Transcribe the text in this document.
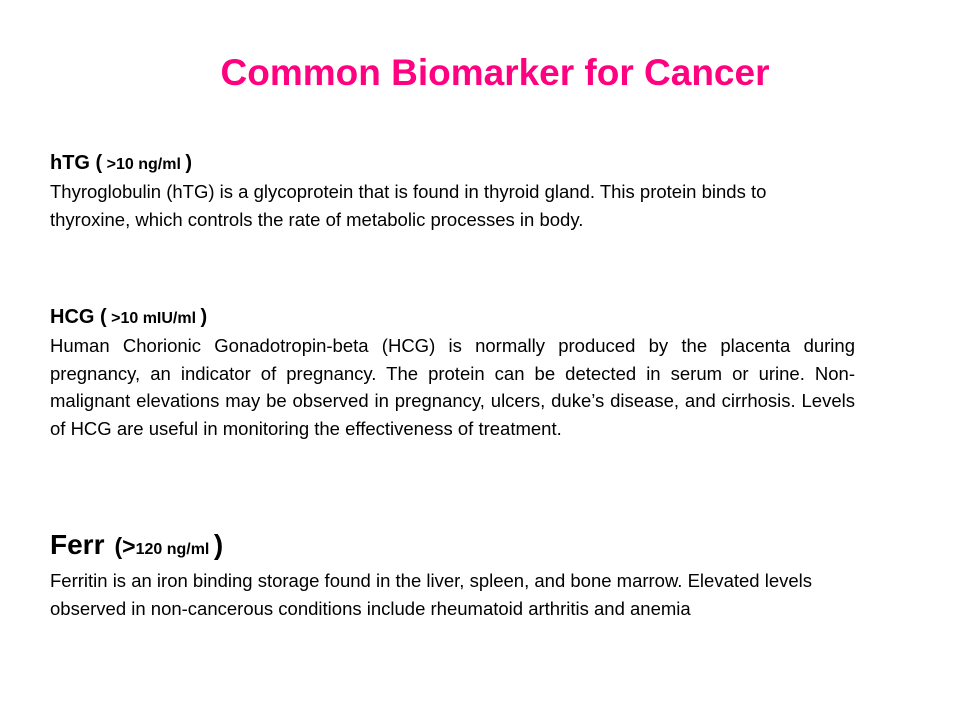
Common Biomarker for Cancer
hTG ( >10 ng/ml )

Thyroglobulin (hTG) is a glycoprotein that is found in thyroid gland. This protein binds to thyroxine, which controls the rate of metabolic processes in body.

HCG ( >10 mIU/ml )

Human Chorionic Gonadotropin-beta (HCG) is normally produced by the placenta during pregnancy, an indicator of pregnancy. The protein can be detected in serum or urine. Non-malignant elevations may be observed in pregnancy, ulcers, duke’s disease, and cirrhosis. Levels of HCG are useful in monitoring the effectiveness of treatment.

Ferr (>120 ng/ml )

Ferritin is an iron binding storage found in the liver, spleen, and bone marrow. Elevated levels observed in non-cancerous conditions include rheumatoid arthritis and anemia
